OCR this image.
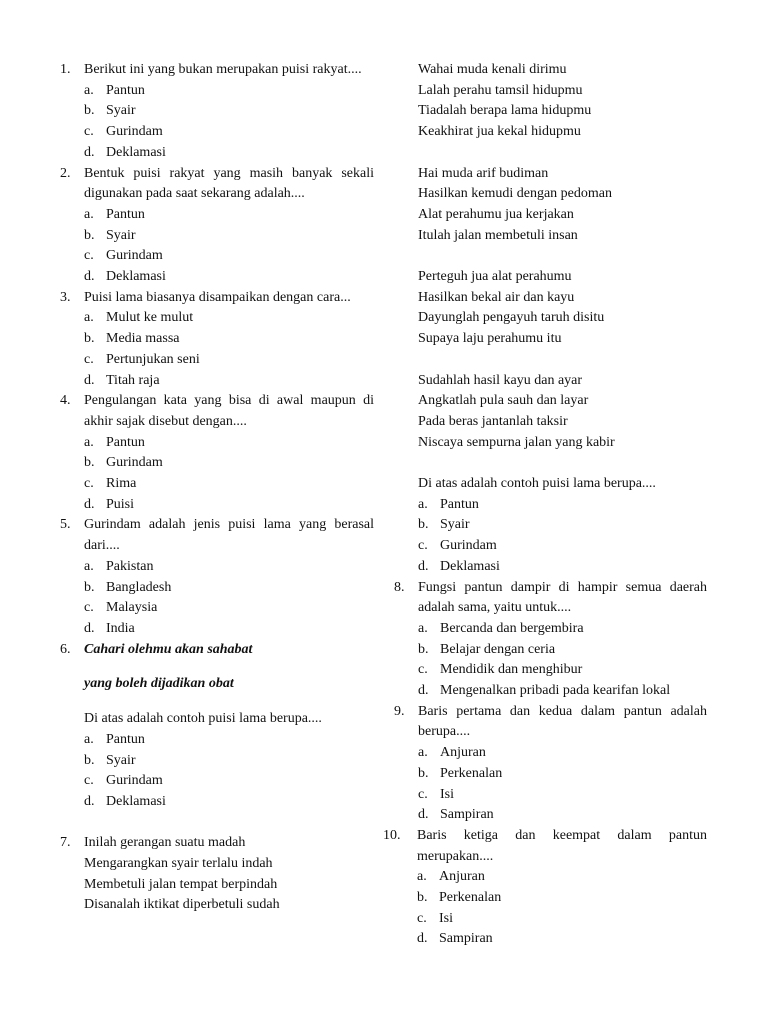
1. Berikut ini yang bukan merupakan puisi rakyat....
a. Pantun
b. Syair
c. Gurindam
d. Deklamasi
2. Bentuk puisi rakyat yang masih banyak sekali digunakan pada saat sekarang adalah....
a. Pantun
b. Syair
c. Gurindam
d. Deklamasi
3. Puisi lama biasanya disampaikan dengan cara...
a. Mulut ke mulut
b. Media massa
c. Pertunjukan seni
d. Titah raja
4. Pengulangan kata yang bisa di awal maupun di akhir sajak disebut dengan....
a. Pantun
b. Gurindam
c. Rima
d. Puisi
5. Gurindam adalah jenis puisi lama yang berasal dari....
a. Pakistan
b. Bangladesh
c. Malaysia
d. India
6. Cahari olehmu akan sahabat
yang boleh dijadikan obat
Di atas adalah contoh puisi lama berupa....
a. Pantun
b. Syair
c. Gurindam
d. Deklamasi
7. Inilah gerangan suatu madah
Mengarangkan syair terlalu indah
Membetuli jalan tempat berpindah
Disanalah iktikat diperbetuli sudah
Wahai muda kenali dirimu
Lalah perahu tamsil hidupmu
Tiadalah berapa lama hidupmu
Keakhirat jua kekal hidupmu
Hai muda arif budiman
Hasilkan kemudi dengan pedoman
Alat perahumu jua kerjakan
Itulah jalan membetuli insan
Perteguh jua alat perahumu
Hasilkan bekal air dan kayu
Dayunglah pengayuh taruh disitu
Supaya laju perahumu itu
Sudahlah hasil kayu dan ayar
Angkatlah pula sauh dan layar
Pada beras jantanlah taksir
Niscaya sempurna jalan yang kabir
Di atas adalah contoh puisi lama berupa....
a. Pantun
b. Syair
c. Gurindam
d. Deklamasi
8. Fungsi pantun dampir di hampir semua daerah adalah sama, yaitu untuk....
a. Bercanda dan bergembira
b. Belajar dengan ceria
c. Mendidik dan menghibur
d. Mengenalkan pribadi pada kearifan lokal
9. Baris pertama dan kedua dalam pantun adalah berupa....
a. Anjuran
b. Perkenalan
c. Isi
d. Sampiran
10.	Baris ketiga dan keempat dalam pantun merupakan....
a. Anjuran
b. Perkenalan
c. Isi
d. Sampiran
